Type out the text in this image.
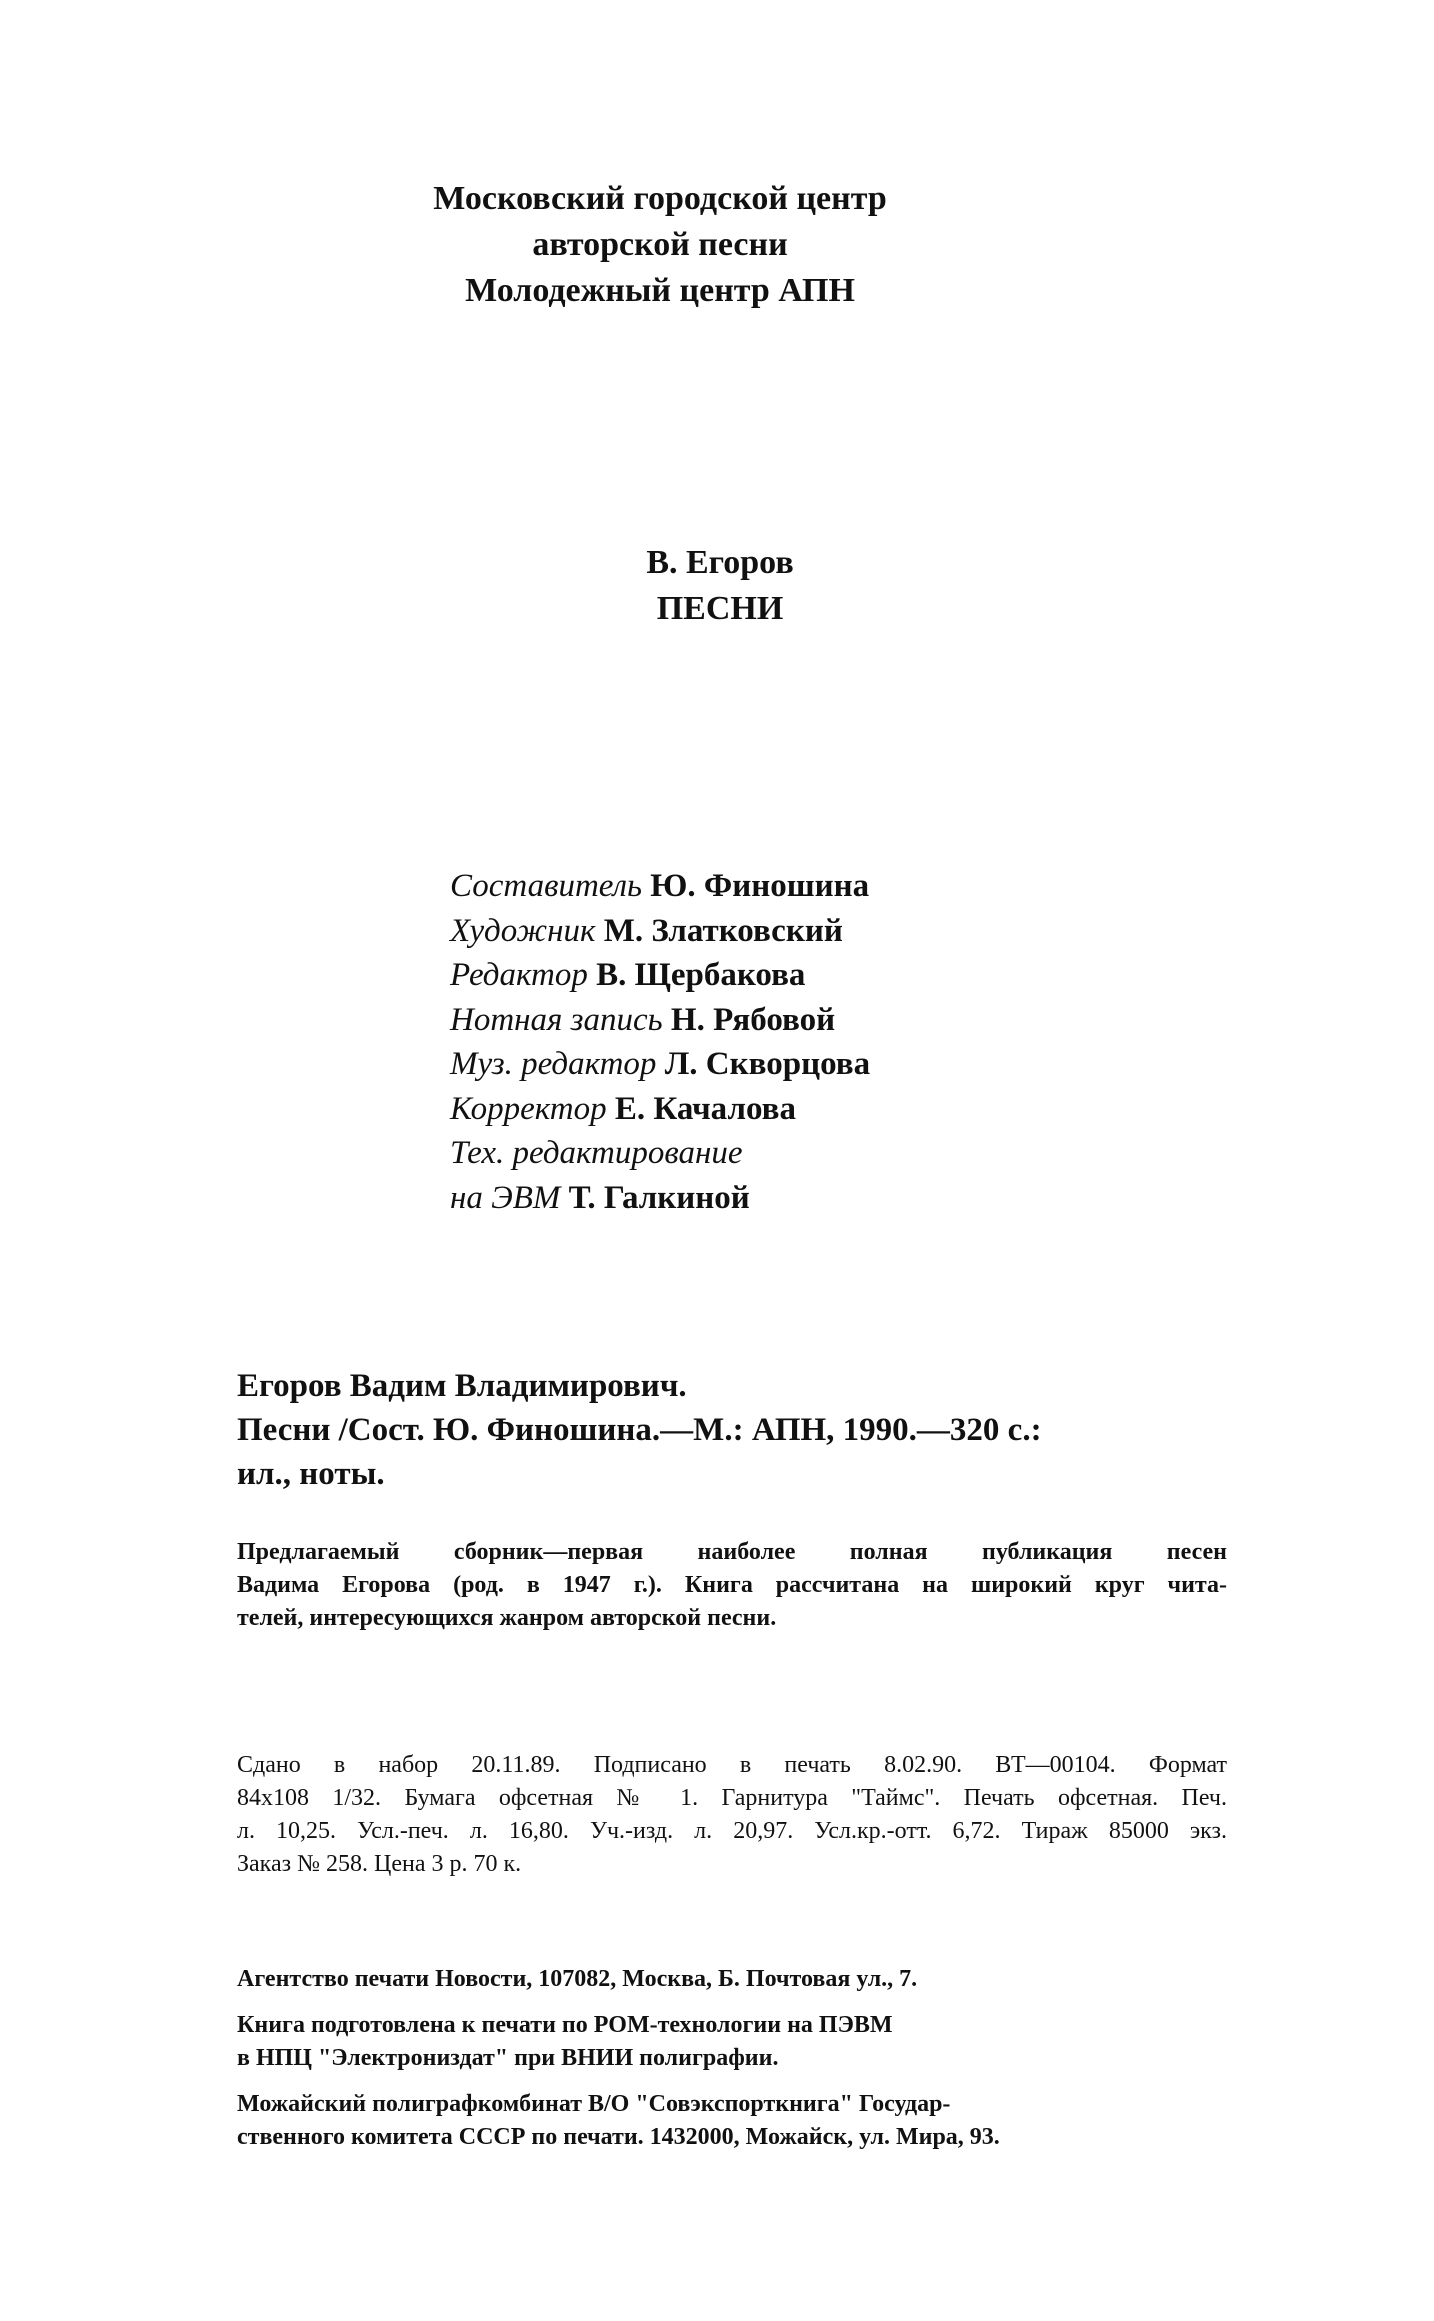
Московский городской центр
авторской песни
Молодежный центр АПН
В. Егоров
ПЕСНИ
Составитель Ю. Финошина
Художник М. Златковский
Редактор В. Щербакова
Нотная запись Н. Рябовой
Муз. редактор Л. Скворцова
Корректор Е. Качалова
Тех. редактирование
на ЭВМ Т. Галкиной
Егоров Вадим Владимирович.
Песни /Сост. Ю. Финошина.—М.: АПН, 1990.—320 с.:
ил., ноты.
Предлагаемый сборник—первая наиболее полная публикация песен
Вадима Егорова (род. в 1947 г.). Книга рассчитана на широкий круг чита-
телей, интересующихся жанром авторской песни.
Сдано в набор 20.11.89. Подписано в печать 8.02.90. ВТ—00104. Формат
84x108 1/32. Бумага офсетная № 1. Гарнитура "Таймс". Печать офсетная. Печ.
л. 10,25. Усл.-печ. л. 16,80. Уч.-изд. л. 20,97. Усл.кр.-отт. 6,72. Тираж 85000 экз.
Заказ № 258. Цена 3 р. 70 к.
Агентство печати Новости, 107082, Москва, Б. Почтовая ул., 7.
Книга подготовлена к печати по РОМ-технологии на ПЭВМ
в НПЦ "Электрониздат" при ВНИИ полиграфии.
Можайский полиграфкомбинат В/О "Совэкспорткнига" Государ-
ственного комитета СССР по печати. 1432000, Можайск, ул. Мира, 93.
